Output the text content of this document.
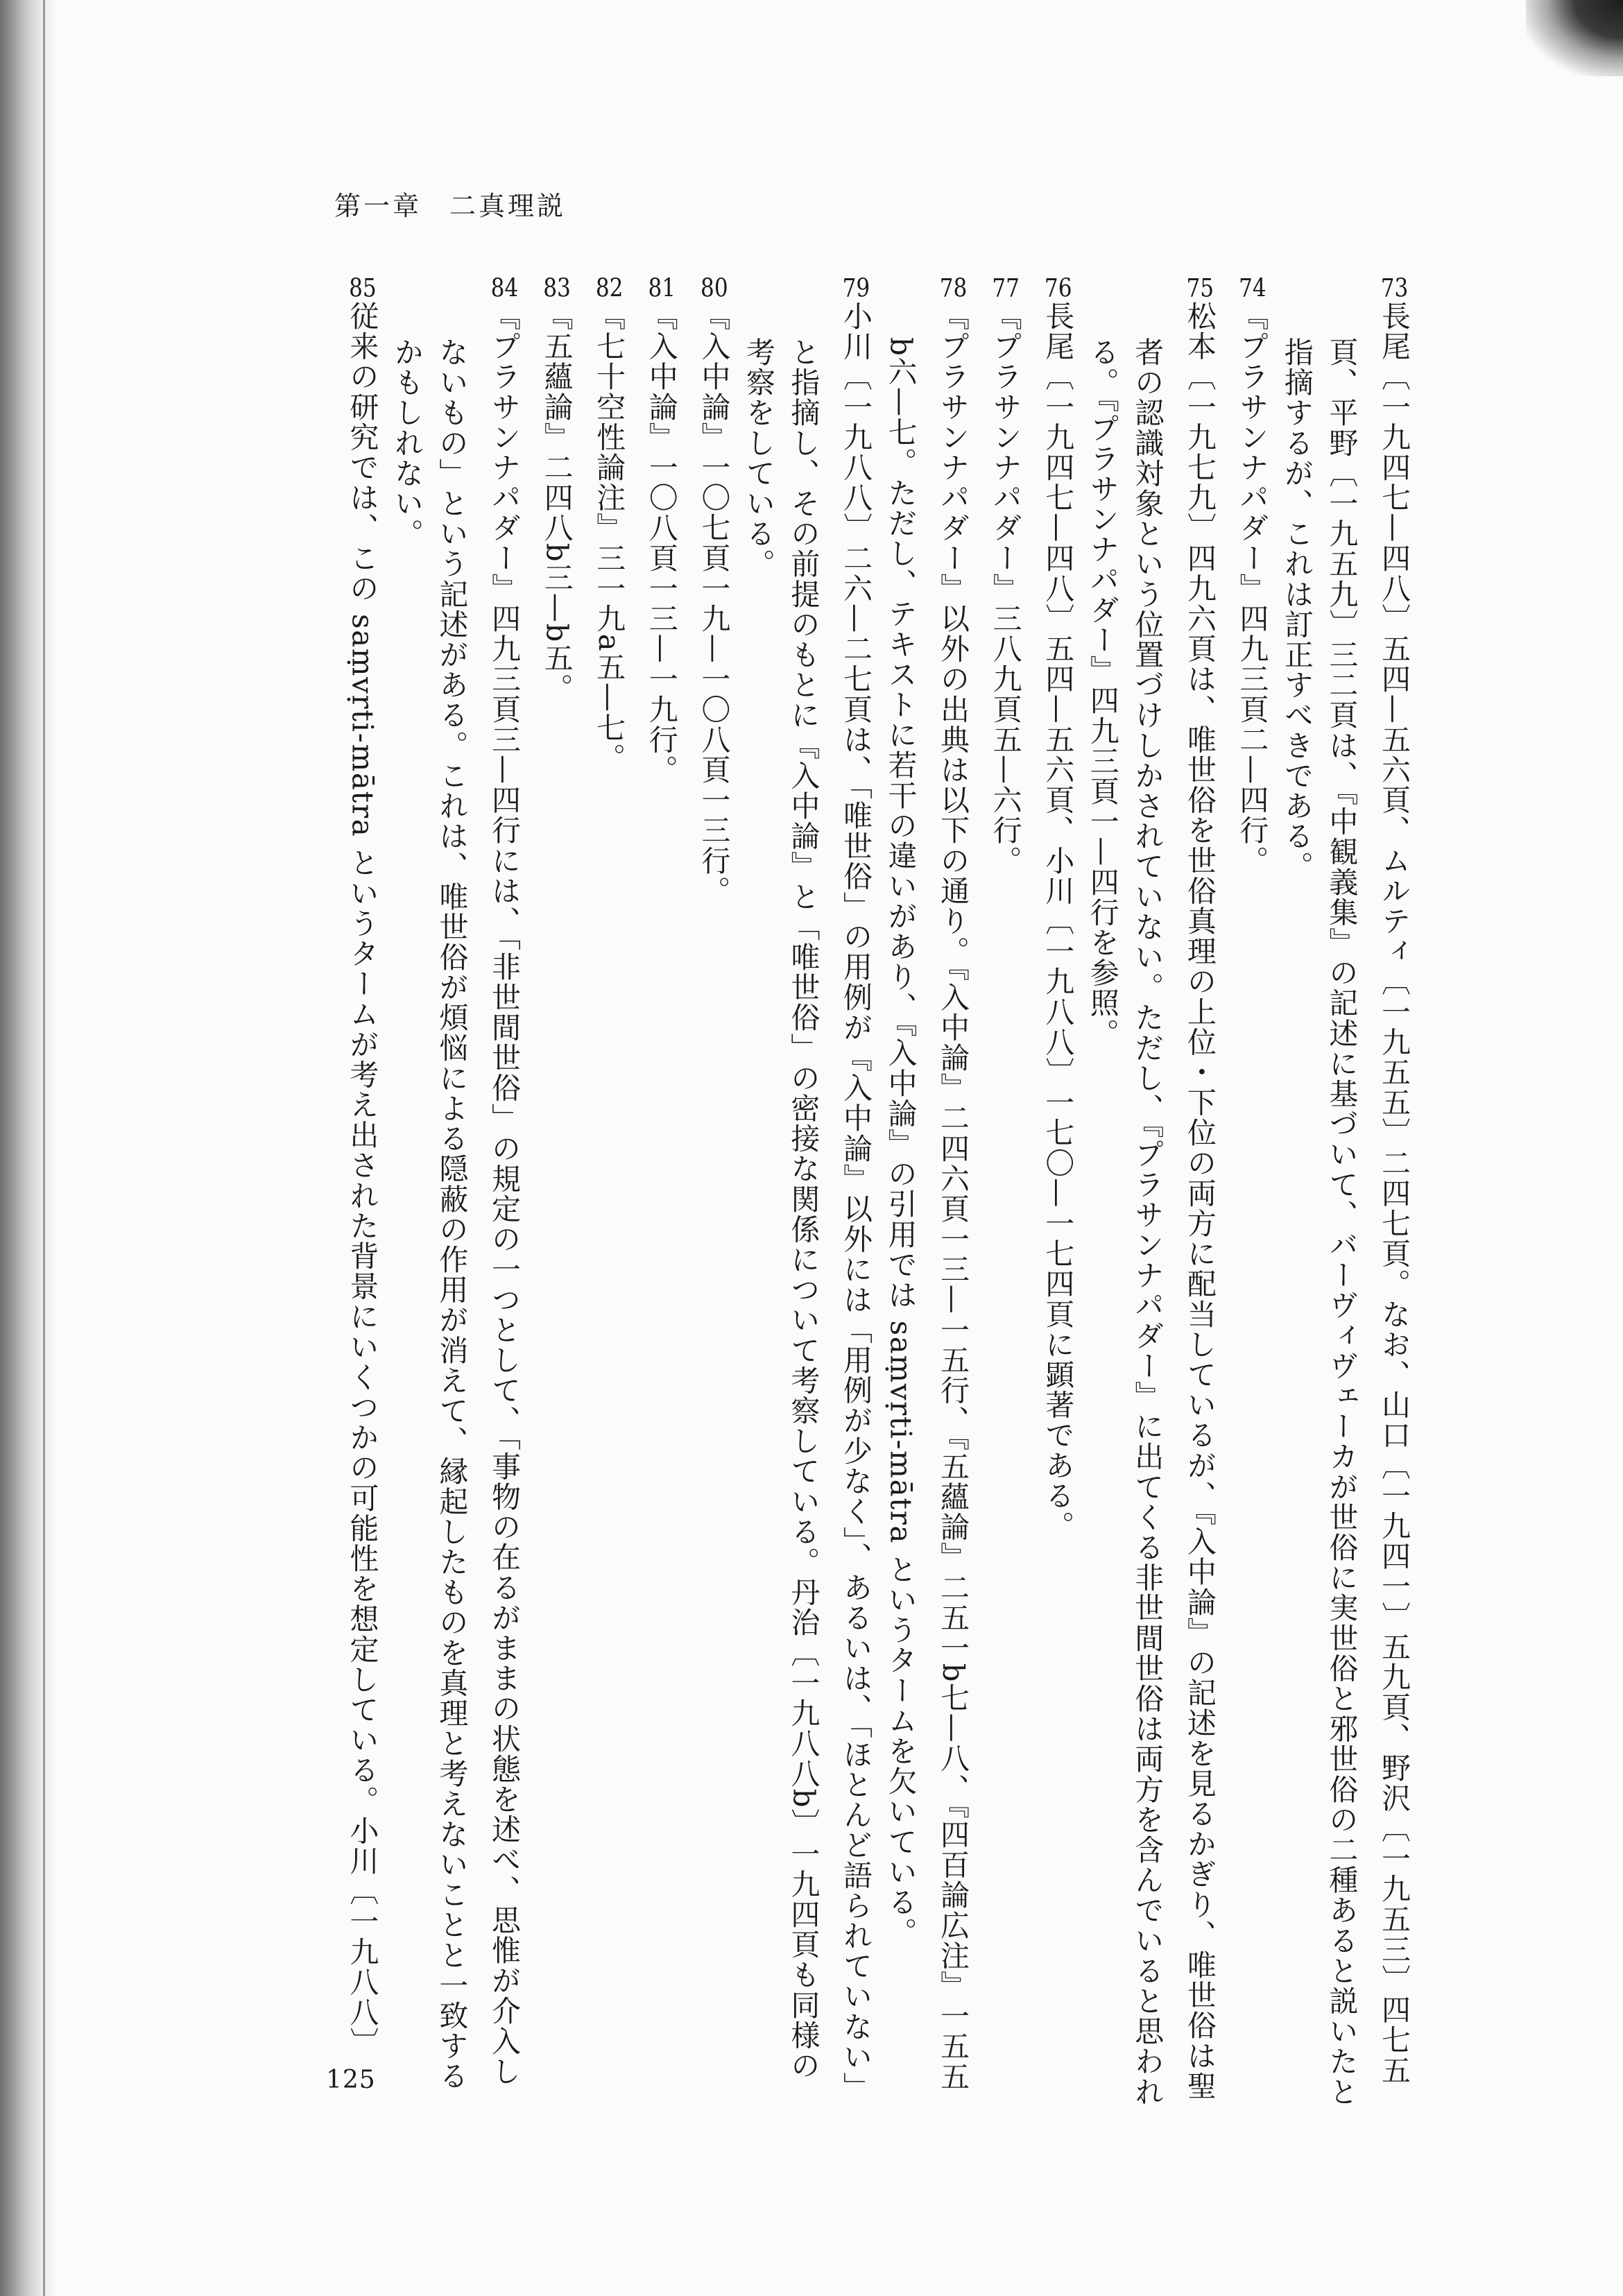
第一章 二真理説

73長尾〔一九四七—四八〕五四—五六頁、ムルティ〔一九五五〕二四七頁。なお、山口〔一九四一〕五九頁、野沢〔一九五三〕四七五頁、平野〔一九五九〕三二頁は、『中観義集』の記述に基づいて、バーヴィヴェーカが世俗に実世俗と邪世俗の二種あると説いたと指摘するが、これは訂正すべきである。

74『プラサンナパダー』四九三頁二—四行。

75松本〔一九七九〕四九六頁は、唯世俗を世俗真理の上位・下位の両方に配当しているが、『入中論』の記述を見るかぎり、唯世俗は聖者の認識対象という位置づけしかされていない。ただし、『プラサンナパダー』に出てくる非世間世俗は両方を含んでいると思われる。『プラサンナパダー』四九三頁一—四行を参照。

76長尾〔一九四七—四八〕五四—五六頁、小川〔一九八八〕一七〇—一七四頁に顕著である。

77『プラサンナパダー』三八九頁五—六行。

78『プラサンナパダー』以外の出典は以下の通り。『入中論』二四六頁一三—一五行、『五蘊論』二五一b七—八、『四百論広注』一五五b六—七。ただし、テキストに若干の違いがあり、『入中論』の引用では saṃvṛti-mātra というタームを欠いている。

79小川〔一九八八〕二六—二七頁は、「唯世俗」の用例が『入中論』以外には「用例が少なく」、あるいは、「ほとんど語られていない」と指摘し、その前提のもとに『入中論』と「唯世俗」の密接な関係について考察している。丹治〔一九八八b〕一九四頁も同様の考察をしている。

80『入中論』一〇七頁一九—一〇八頁一三行。

81『入中論』一〇八頁一三—一九行。

82『七十空性論注』三一九a五—七。

83『五蘊論』二四八b三—b五。

84『プラサンナパダー』四九三頁三—四行には、「非世間世俗」の規定の一つとして、「事物の在るがままの状態を述べ、思惟が介入しないもの」という記述がある。これは、唯世俗が煩悩による隠蔽の作用が消えて、縁起したものを真理と考えないことと一致するかもしれない。

85従来の研究では、この saṃvṛti-mātra というタームが考え出された背景にいくつかの可能性を想定している。小川〔一九八八〕

125
